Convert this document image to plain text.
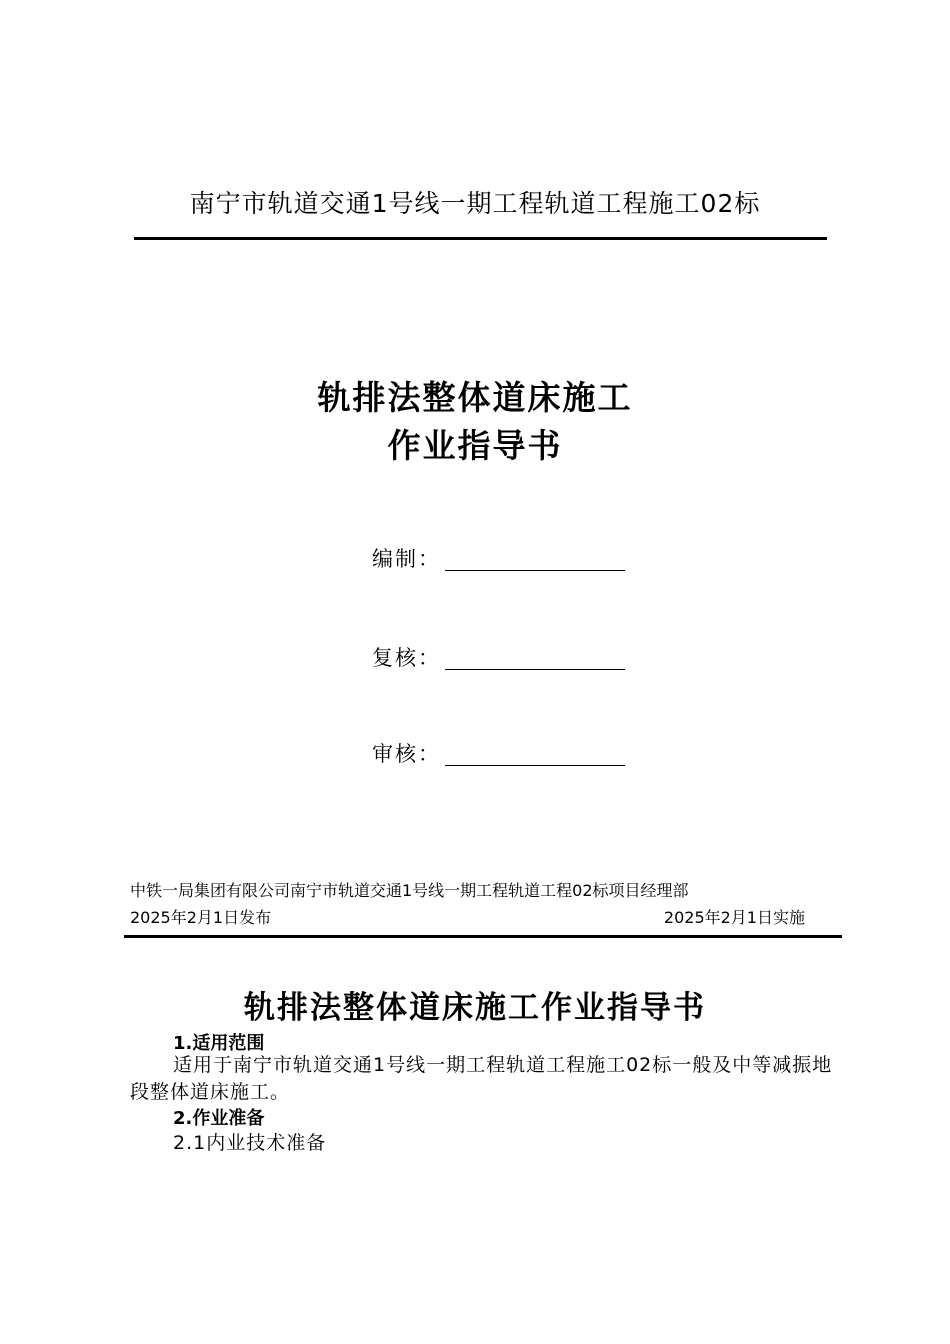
南宁市轨道交通1号线一期工程轨道工程施工02标
轨排法整体道床施工
作业指导书
编制：
复核：
审核：
中铁一局集团有限公司南宁市轨道交通1号线一期工程轨道工程02标项目经理部
2025年2月1日发布	2025年2月1日实施
轨排法整体道床施工作业指导书
1.适用范围
适用于南宁市轨道交通1号线一期工程轨道工程施工02标一般及中等减振地段整体道床施工。
2.作业准备
2.1内业技术准备
